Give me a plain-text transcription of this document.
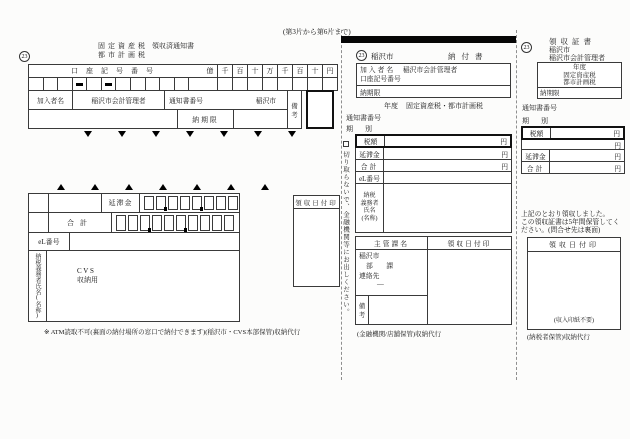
(第3片から第6片まで)
23
固定資産税
都市計画税
領収済通知書
口座記号番号	億	千	百	十	万	千	百	十	円
加入者名	稲沢市会計管理者	通知書番号
納期限
備考
稲沢市
延滞金
合計
eL番号
納税義務者氏名(名称)	C V S
収納用
領収日付印
※ ATM読取不可(裏面の納付場所の窓口で納付できます)(稲沢市・CVS本部保管)収納代行
23 稲沢市	納付書
加入者名 稲沢市会計管理者
口座記号番号
納期限
年度 固定資産税・都市計画税
通知書番号
期別
税額	円
延滞金	円
合計	円
eL番号
納税
義務者
氏名
(名称)
主管課名
稲沢市
部　　課
連絡先
―
備考
領収日付印
(金融機関/店舗保管)収納代行
切り取らないで、金融機関等にお出しください。
23
領収証書
稲沢市
稲沢市会計管理者
年度
固定資産税
都市計画税
納期限
通知書番号
期別
税額	円
円
延滞金	円
合計	円
上記のとおり領収しました。
この領収証書は5年間保管してく
ださい。(問合せ先は裏面)
領収日付印
(収入印紙不要)
(納税者保管)収納代行
